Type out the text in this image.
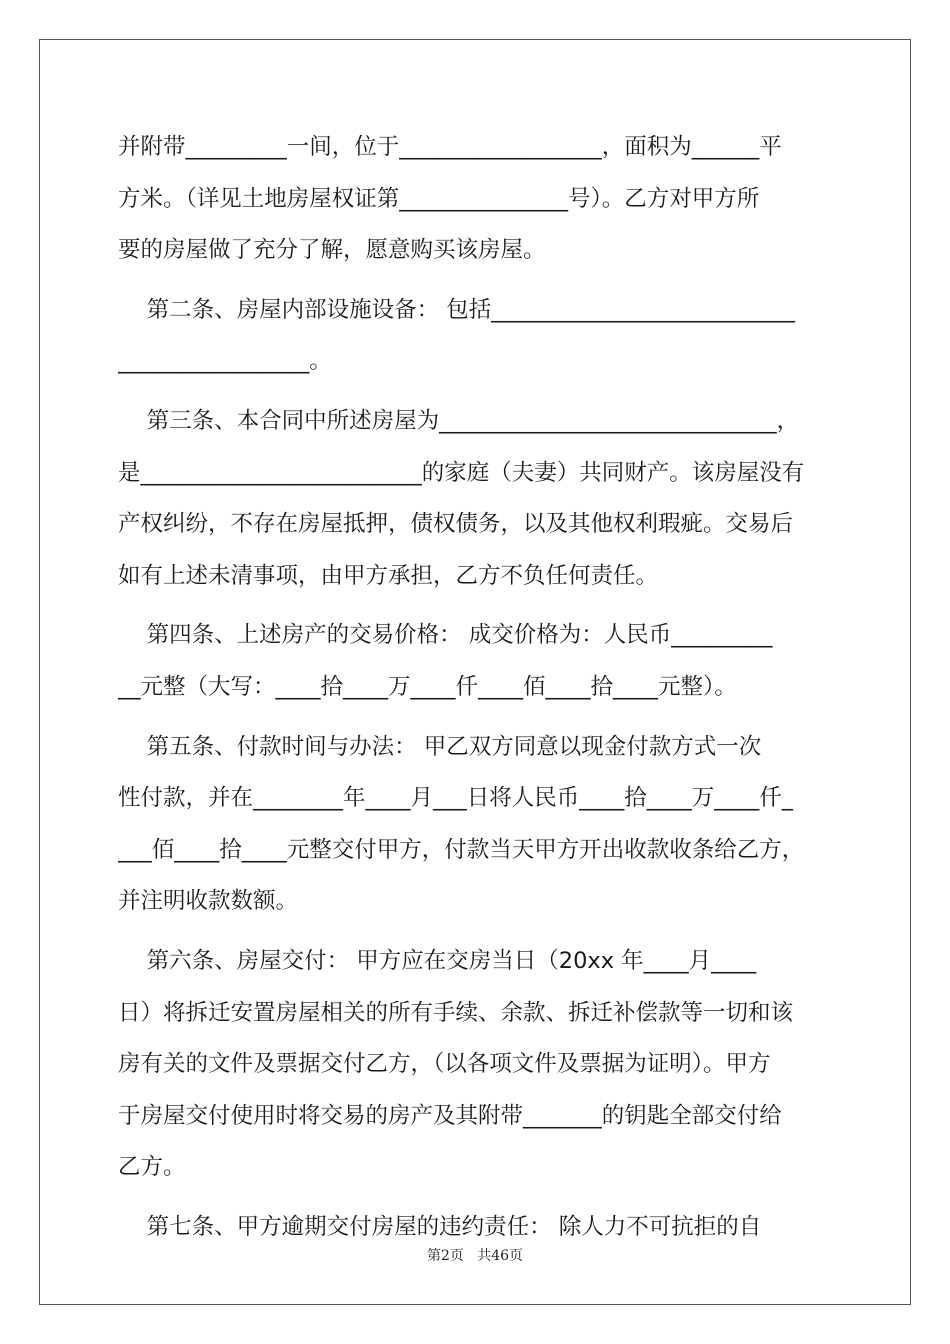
并附带_________一间，位于__________________，面积为______平
方米。（详见土地房屋权证第_______________号）。乙方对甲方所
要的房屋做了充分了解，愿意购买该房屋。
第二条、房屋内部设施设备： 包括___________________________
_________________。
第三条、本合同中所述房屋为______________________________，
是_________________________的家庭（夫妻）共同财产。该房屋没有
产权纠纷，不存在房屋抵押，债权债务，以及其他权利瑕疵。交易后
如有上述未清事项，由甲方承担，乙方不负任何责任。
第四条、上述房产的交易价格： 成交价格为：人民币_________
__元整（大写：____拾____万____仟____佰____拾____元整）。
第五条、付款时间与办法： 甲乙双方同意以现金付款方式一次
性付款，并在________年____月___日将人民币____拾____万____仟_
___佰____拾____元整交付甲方，付款当天甲方开出收款收条给乙方，
并注明收款数额。
第六条、房屋交付： 甲方应在交房当日（20xx 年____月____
日）将拆迁安置房屋相关的所有手续、余款、拆迁补偿款等一切和该
房有关的文件及票据交付乙方，（以各项文件及票据为证明）。甲方
于房屋交付使用时将交易的房产及其附带_______的钥匙全部交付给
乙方。
第七条、甲方逾期交付房屋的违约责任： 除人力不可抗拒的自
第2页   共46页
